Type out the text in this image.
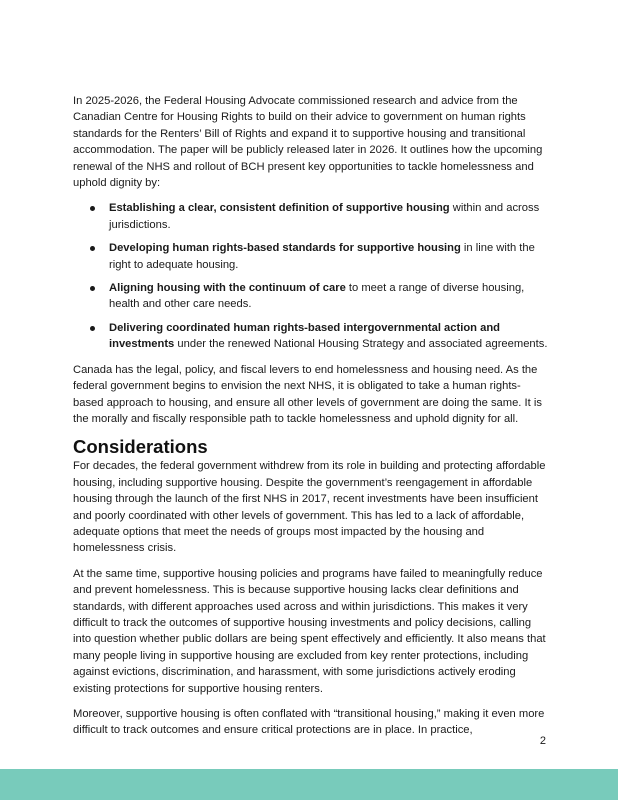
In 2025-2026, the Federal Housing Advocate commissioned research and advice from the Canadian Centre for Housing Rights to build on their advice to government on human rights standards for the Renters’ Bill of Rights and expand it to supportive housing and transitional accommodation. The paper will be publicly released later in 2026. It outlines how the upcoming renewal of the NHS and rollout of BCH present key opportunities to tackle homelessness and uphold dignity by:

Establishing a clear, consistent definition of supportive housing within and across jurisdictions.
Developing human rights-based standards for supportive housing in line with the right to adequate housing.
Aligning housing with the continuum of care to meet a range of diverse housing, health and other care needs.
Delivering coordinated human rights-based intergovernmental action and investments under the renewed National Housing Strategy and associated agreements.

Canada has the legal, policy, and fiscal levers to end homelessness and housing need. As the federal government begins to envision the next NHS, it is obligated to take a human rights-based approach to housing, and ensure all other levels of government are doing the same. It is the morally and fiscally responsible path to tackle homelessness and uphold dignity for all.

Considerations

For decades, the federal government withdrew from its role in building and protecting affordable housing, including supportive housing. Despite the government’s reengagement in affordable housing through the launch of the first NHS in 2017, recent investments have been insufficient and poorly coordinated with other levels of government. This has led to a lack of affordable, adequate options that meet the needs of groups most impacted by the housing and homelessness crisis.

At the same time, supportive housing policies and programs have failed to meaningfully reduce and prevent homelessness. This is because supportive housing lacks clear definitions and standards, with different approaches used across and within jurisdictions. This makes it very difficult to track the outcomes of supportive housing investments and policy decisions, calling into question whether public dollars are being spent effectively and efficiently. It also means that many people living in supportive housing are excluded from key renter protections, including against evictions, discrimination, and harassment, with some jurisdictions actively eroding existing protections for supportive housing renters.

Moreover, supportive housing is often conflated with “transitional housing,” making it even more difficult to track outcomes and ensure critical protections are in place. In practice,

2
